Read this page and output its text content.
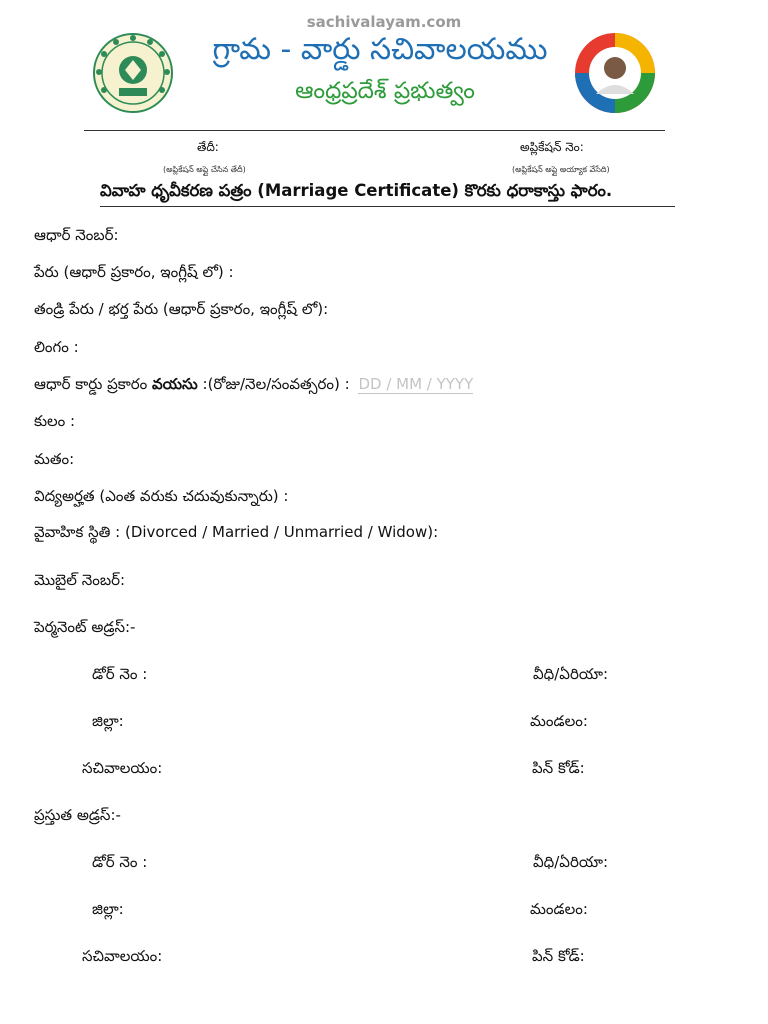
sachivalayam.com
గ్రామ - వార్డు సచివాలయము
ఆంధ్రప్రదేశ్ ప్రభుత్వం
తేదీ:
(అప్లికేషన్ అప్లై చేసిన తేదీ)
అప్లికేషన్ నెం:
(అప్లికేషన్ అప్లై అయ్యాక వేసేది)
వివాహ ధృవీకరణ పత్రం (Marriage Certificate) కొరకు ధరాకాస్తు ఫారం.
ఆధార్ నెంబర్:
పేరు (ఆధార్ ప్రకారం, ఇంగ్లీష్ లో) :
తండ్రి పేరు / భర్త పేరు (ఆధార్ ప్రకారం, ఇంగ్లీష్ లో):
లింగం :
ఆధార్ కార్డు ప్రకారం వయసు :(రోజు/నెల/సంవత్సరం) : DD / MM / YYYY
కులం :
మతం:
విద్యఅర్హత (ఎంత వరుకు చదువుకున్నారు) :
వైవాహిక స్థితి : (Divorced / Married / Unmarried / Widow):
మొబైల్ నెంబర్:
పెర్మనెంట్ అడ్రస్:-
డోర్ నెం :	వీధి/ఏరియా:
జిల్లా:	మండలం:
సచివాలయం:	పిన్ కోడ్:
ప్రస్తుత అడ్రస్:-
డోర్ నెం :	వీధి/ఏరియా:
జిల్లా:	మండలం:
సచివాలయం:	పిన్ కోడ్:
